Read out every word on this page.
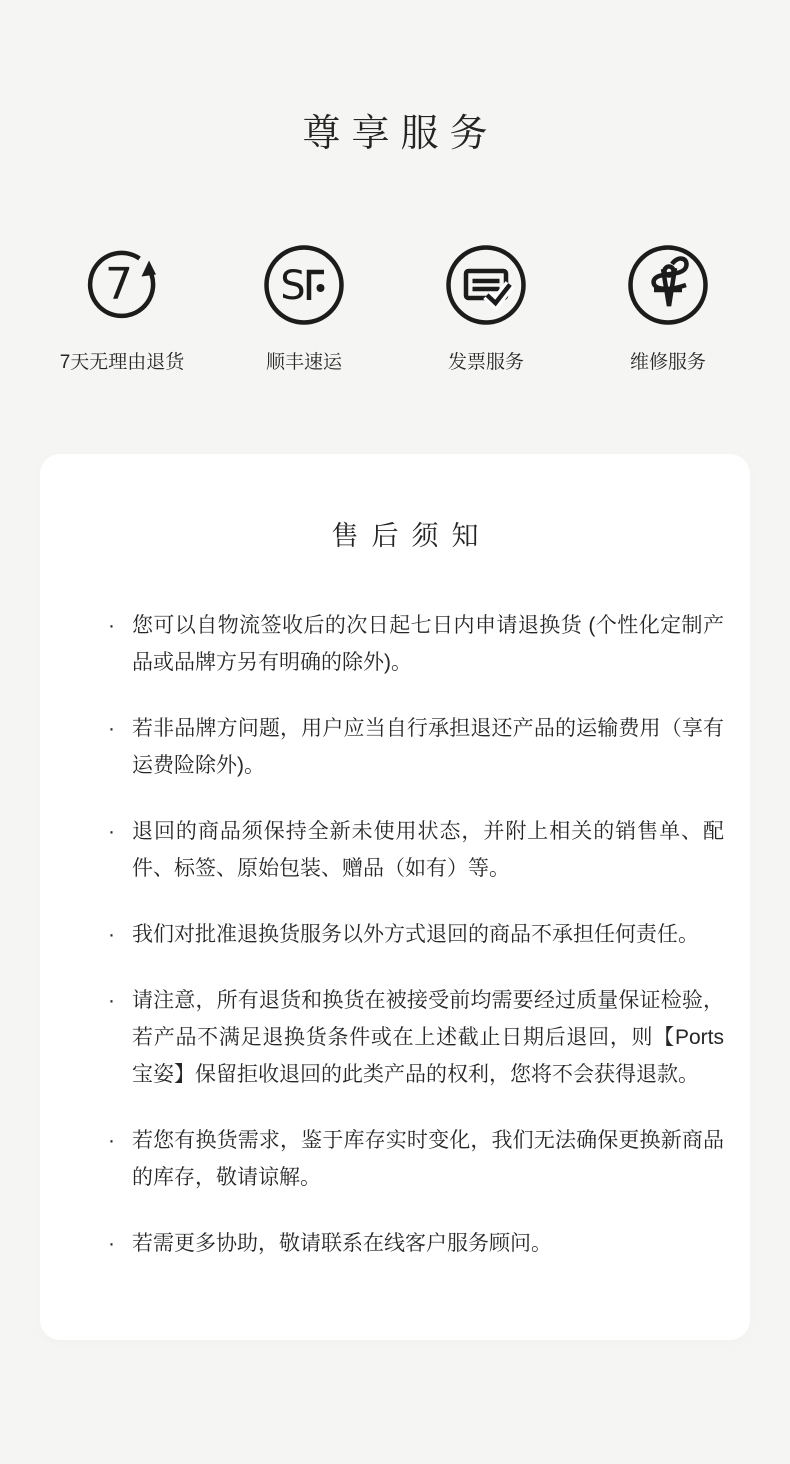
尊享服务
7
7天无理由退货
S
顺丰速运	发票服务	维修服务
售后须知
· 您可以自物流签收后的次日起七日内申请退换货 (个性化定制产品或品牌方另有明确的除外)。
· 若非品牌方问题，用户应当自行承担退还产品的运输费用（享有运费险除外)。
· 退回的商品须保持全新未使用状态，并附上相关的销售单、配件、标签、原始包装、赠品（如有）等。
· 我们对批准退换货服务以外方式退回的商品不承担任何责任。
· 请注意，所有退货和换货在被接受前均需要经过质量保证检验，若产品不满足退换货条件或在上述截止日期后退回，则【Ports 宝姿】保留拒收退回的此类产品的权利，您将不会获得退款。
· 若您有换货需求，鉴于库存实时变化，我们无法确保更换新商品的库存，敬请谅解。
· 若需更多协助，敬请联系在线客户服务顾问。
